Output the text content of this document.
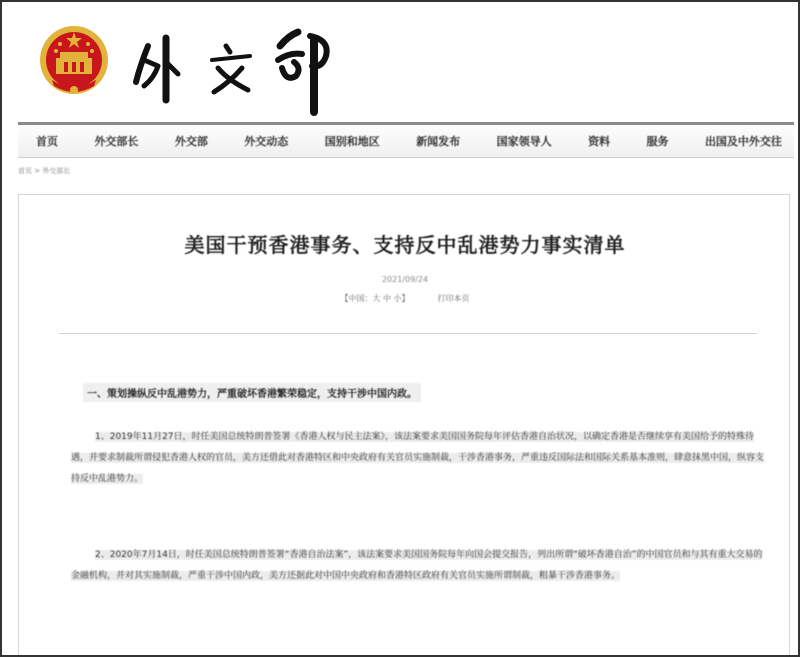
首页	外交部长	外交部	外交动态	国别和地区	新闻发布	国家领导人	资料	服务	出国及中外交往
首页 > 外交部长
美国干预香港事务、支持反中乱港势力事实清单
2021/09/24
【中国：大 中 小】	打印本页
一、策划操纵反中乱港势力，严重破坏香港繁荣稳定，支持干涉中国内政。

1、2019年11月27日，时任美国总统特朗普签署《香港人权与民主法案》，该法案要求美国国务院每年评估香港自治状况，以确定香港是否继续享有美国给予的特殊待遇，并要求制裁所谓侵犯香港人权的官员，美方还借此对香港特区和中央政府有关官员实施制裁，干涉香港事务，严重违反国际法和国际关系基本准则，肆意抹黑中国，纵容支持反中乱港势力。

2、2020年7月14日，时任美国总统特朗普签署“香港自治法案”，该法案要求美国国务院每年向国会提交报告，列出所谓“破坏香港自治”的中国官员和与其有重大交易的金融机构，并对其实施制裁，严重干涉中国内政，美方还据此对中国中央政府和香港特区政府有关官员实施所谓制裁，粗暴干涉香港事务。
